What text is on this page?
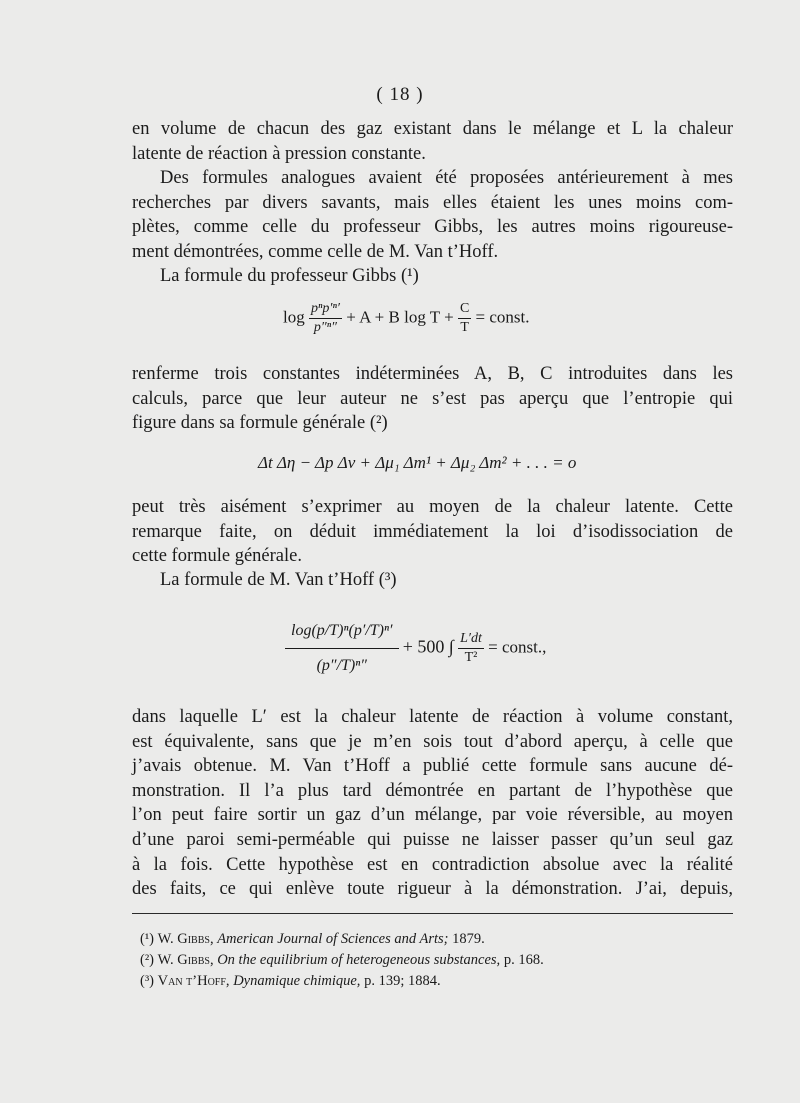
( 18 )
en volume de chacun des gaz existant dans le mélange et L la chaleur
latente de réaction à pression constante.
Des formules analogues avaient été proposées antérieurement à mes
recherches par divers savants, mais elles étaient les unes moins com-
plètes, comme celle du professeur Gibbs, les autres moins rigoureuse-
ment démontrées, comme celle de M. Van t’Hoff.
La formule du professeur Gibbs (¹)
$\log \frac{\text{pⁿp′ⁿ′}}{\text{p″ⁿ″}} + A + B$ $\log T + \frac{C}{T}$ = const.
renferme trois constantes indéterminées A, B, C introduites dans les
calculs, parce que leur auteur ne s’est pas aperçu que l’entropie qui
figure dans sa formule générale (²)
Δt Δη − Δp Δv + Δμ₁ Δm¹ + Δμ₂ Δm² + . . . = o
peut très aisément s’exprimer au moyen de la chaleur latente. Cette
remarque faite, on déduit immédiatement la loi d’isodissociation de
cette formule générale.
La formule de M. Van t’Hoff (³)
$\frac{\text{log(p/T)ⁿ(p′/T)ⁿ′}}{\text{(p″/T)ⁿ″}} + 500$ ∫ $\frac{L'dt}{\text{T²}}$ = const.,
dans laquelle L′ est la chaleur latente de réaction à volume constant,
est équivalente, sans que je m’en sois tout d’abord aperçu, à celle que
j’avais obtenue. M. Van t’Hoff a publié cette formule sans aucune dé-
monstration. Il l’a plus tard démontrée en partant de l’hypothèse que
l’on peut faire sortir un gaz d’un mélange, par voie réversible, au moyen
d’une paroi semi-perméable qui puisse ne laisser passer qu’un seul gaz
à la fois. Cette hypothèse est en contradiction absolue avec la réalité
des faits, ce qui enlève toute rigueur à la démonstration. J’ai, depuis,
(¹) W. Gibbs, American Journal of Sciences and Arts; 1879.
(²) W. Gibbs, On the equilibrium of heterogeneous substances, p. 168.
(³) Van t’Hoff, Dynamique chimique, p. 139; 1884.
